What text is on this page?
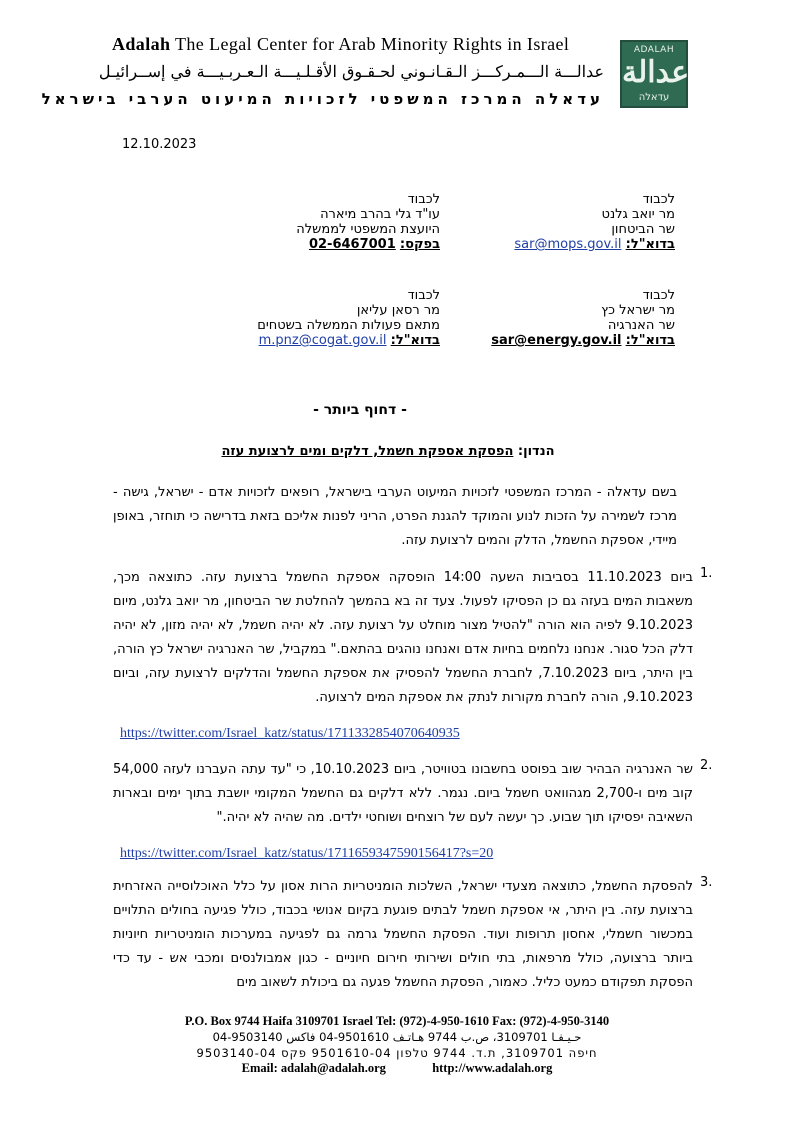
Adalah The Legal Center for Arab Minority Rights in Israel
عدالـــة الـــمـركـــز الـقـانـوني لحـقـوق الأقـلـيـــة الـعـربـيـــة في إســرائيـل
עדאלה המרכז המשפטי לזכויות המיעוט הערבי בישראל
ADALAH
عدالة
עדאלה
12.10.2023
לכבוד
מר יואב גלנט
שר הביטחון
בדוא"ל: sar@mops.gov.il
לכבוד
עו"ד גלי בהרב מיארה
היועצת המשפטי לממשלה
בפקס: 02-6467001
לכבוד
מר ישראל כץ
שר האנרגיה
בדוא"ל: sar@energy.gov.il
לכבוד
מר רסאן עליאן
מתאם פעולות הממשלה בשטחים
בדוא"ל: m.pnz@cogat.gov.il
- דחוף ביותר -
הנדון: הפסקת אספקת חשמל, דלקים ומים לרצועת עזה
בשם עדאלה - המרכז המשפטי לזכויות המיעוט הערבי בישראל, רופאים לזכויות אדם - ישראל, גישה - מרכז לשמירה על הזכות לנוע והמוקד להגנת הפרט, הריני לפנות אליכם בזאת בדרישה כי תוחזר, באופן מיידי, אספקת החשמל, הדלק והמים לרצועת עזה.
1.
ביום 11.10.2023 בסביבות השעה 14:00 הופסקה אספקת החשמל ברצועת עזה. כתוצאה מכך, משאבות המים בעזה גם כן הפסיקו לפעול. צעד זה בא בהמשך להחלטת שר הביטחון, מר יואב גלנט, מיום 9.10.2023 לפיה הוא הורה "להטיל מצור מוחלט על רצועת עזה. לא יהיה חשמל, לא יהיה מזון, לא יהיה דלק הכל סגור. אנחנו נלחמים בחיות אדם ואנחנו נוהגים בהתאם." במקביל, שר האנרגיה ישראל כץ הורה, בין היתר, ביום 7.10.2023, לחברת החשמל להפסיק את אספקת החשמל והדלקים לרצועת עזה, וביום 9.10.2023, הורה לחברת מקורות לנתק את אספקת המים לרצועה.
https://twitter.com/Israel_katz/status/1711332854070640935
2.
שר האנרגיה הבהיר שוב בפוסט בחשבונו בטוויטר, ביום 10.10.2023, כי "עד עתה העברנו לעזה 54,000 קוב מים ו-2,700 מגהוואט חשמל ביום. נגמר. ללא דלקים גם החשמל המקומי יושבת בתוך ימים ובארות השאיבה יפסיקו תוך שבוע. כך יעשה לעם של רוצחים ושוחטי ילדים. מה שהיה לא יהיה."
https://twitter.com/Israel_katz/status/1711659347590156417?s=20
3.
להפסקת החשמל, כתוצאה מצעדי ישראל, השלכות הומניטריות הרות אסון על כלל האוכלוסייה האזרחית ברצועת עזה. בין היתר, אי אספקת חשמל לבתים פוגעת בקיום אנושי בכבוד, כולל פגיעה בחולים התלויים במכשור חשמלי, אחסון תרופות ועוד. הפסקת החשמל גרמה גם לפגיעה במערכות הומניטריות חיוניות ביותר ברצועה, כולל מרפאות, בתי חולים ושירותי חירום חיוניים - כגון אמבולנסים ומכבי אש - עד כדי הפסקת תפקודם כמעט כליל. כאמור, הפסקת החשמל פגעה גם ביכולת לשאוב מים
P.O. Box 9744 Haifa 3109701 Israel Tel: (972)-4-950-1610 Fax: (972)-4-950-3140
حـيـفـا 3109701، ص.ب 9744 هـاتـف 9501610-04 فاكس 9503140-04
חיפה 3109701, ת.ד. 9744 טלפון 9501610-04 פקס 9503140-04
Email: adalah@adalah.org	http://www.adalah.org
